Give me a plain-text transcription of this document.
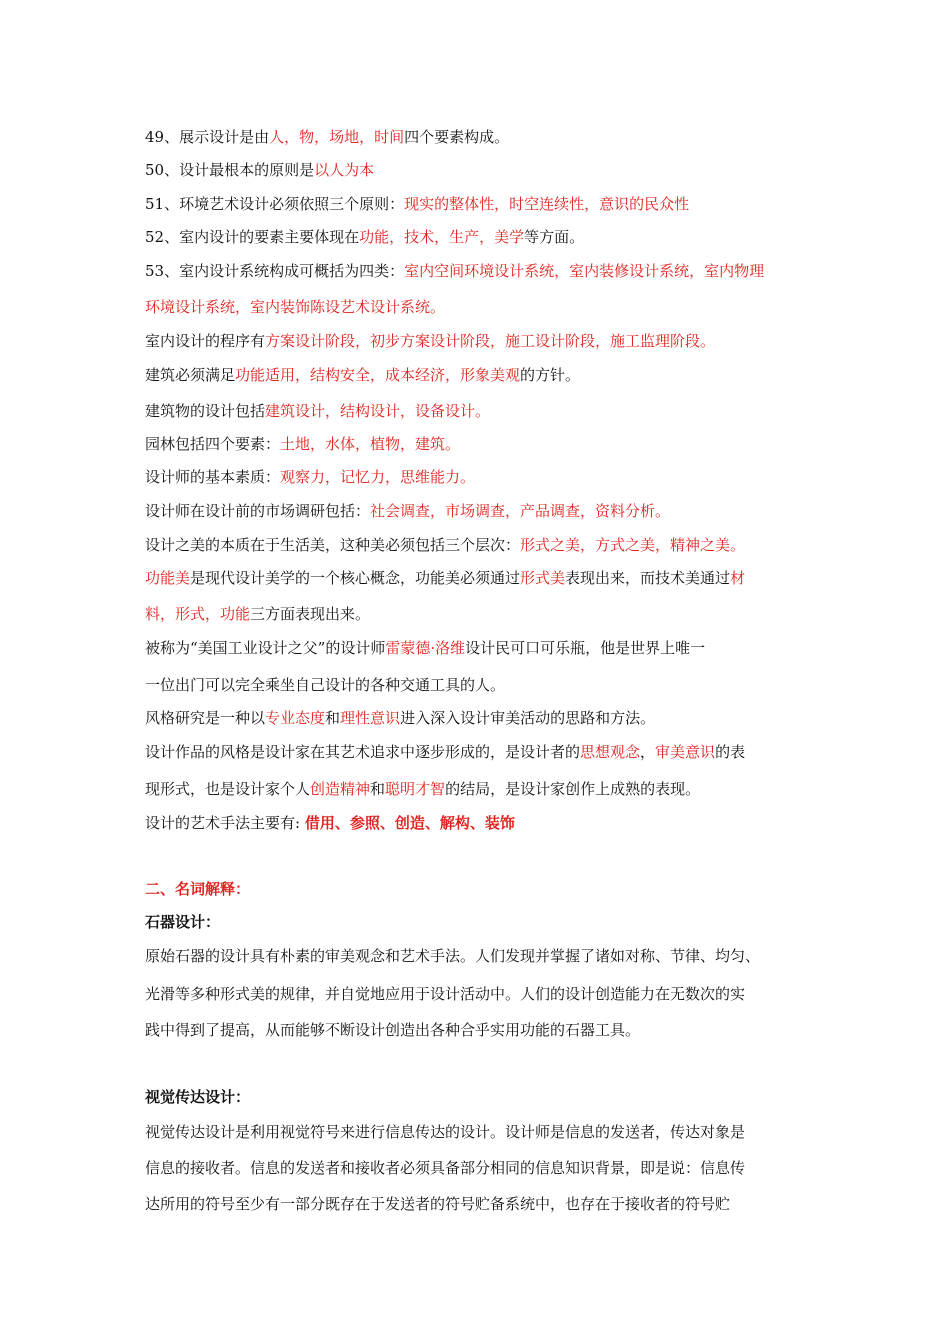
49、展示设计是由人，物，场地，时间四个要素构成。
50、设计最根本的原则是以人为本
51、环境艺术设计必须依照三个原则：现实的整体性，时空连续性，意识的民众性
52、室内设计的要素主要体现在功能，技术，生产，美学等方面。
53、室内设计系统构成可概括为四类：室内空间环境设计系统，室内装修设计系统，室内物理
环境设计系统，室内装饰陈设艺术设计系统。
室内设计的程序有方案设计阶段，初步方案设计阶段，施工设计阶段，施工监理阶段。
建筑必须满足功能适用，结构安全，成本经济，形象美观的方针。
建筑物的设计包括建筑设计，结构设计，设备设计。
园林包括四个要素：土地，水体，植物，建筑。
设计师的基本素质：观察力，记忆力，思维能力。
设计师在设计前的市场调研包括：社会调查，市场调查，产品调查，资料分析。
设计之美的本质在于生活美，这种美必须包括三个层次：形式之美，方式之美，精神之美。
功能美是现代设计美学的一个核心概念，功能美必须通过形式美表现出来，而技术美通过材
料，形式，功能三方面表现出来。
被称为“美国工业设计之父”的设计师雷蒙德·洛维设计民可口可乐瓶，他是世界上唯一
一位出门可以完全乘坐自己设计的各种交通工具的人。
风格研究是一种以专业态度和理性意识进入深入设计审美活动的思路和方法。
设计作品的风格是设计家在其艺术追求中逐步形成的，是设计者的思想观念，审美意识的表
现形式，也是设计家个人创造精神和聪明才智的结局，是设计家创作上成熟的表现。
设计的艺术手法主要有: 借用、参照、创造、解构、装饰
二、名词解释：
石器设计：
原始石器的设计具有朴素的审美观念和艺术手法。人们发现并掌握了诸如对称、节律、均匀、
光滑等多种形式美的规律，并自觉地应用于设计活动中。人们的设计创造能力在无数次的实
践中得到了提高，从而能够不断设计创造出各种合乎实用功能的石器工具。
视觉传达设计：
视觉传达设计是利用视觉符号来进行信息传达的设计。设计师是信息的发送者，传达对象是
信息的接收者。信息的发送者和接收者必须具备部分相同的信息知识背景，即是说：信息传
达所用的符号至少有一部分既存在于发送者的符号贮备系统中，也存在于接收者的符号贮
